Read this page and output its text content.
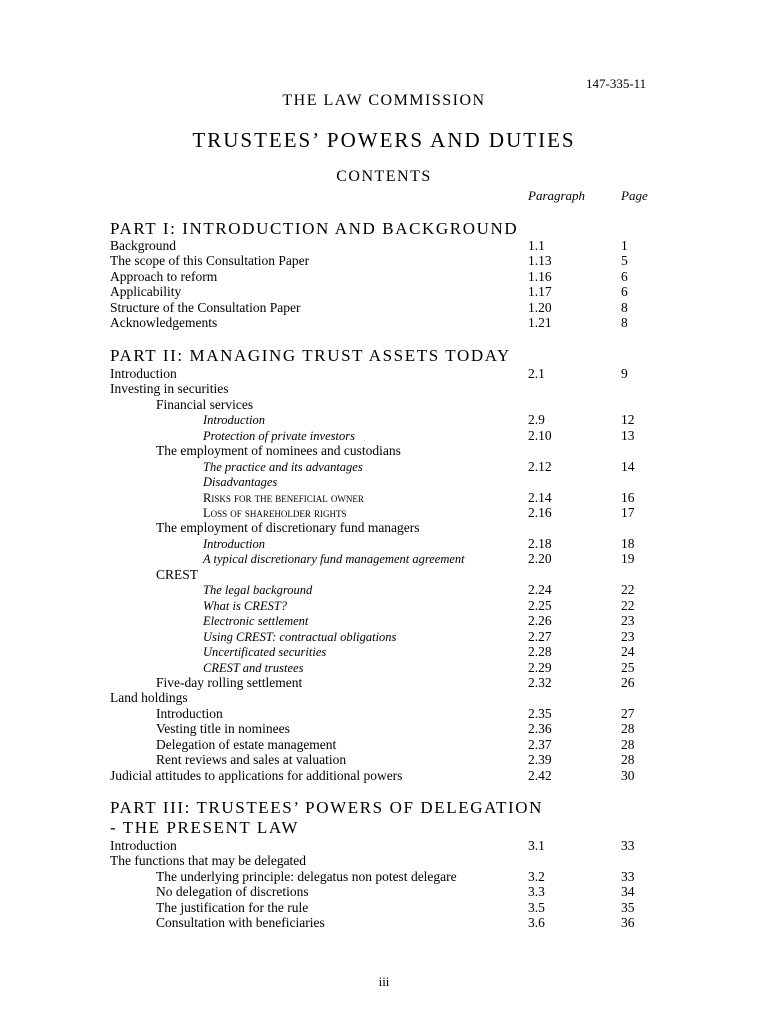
147-335-11
THE LAW COMMISSION
TRUSTEES’ POWERS AND DUTIES
CONTENTS
Paragraph	Page
PART I: INTRODUCTION AND BACKGROUND
Background	1.1	1
The scope of this Consultation Paper	1.13	5
Approach to reform	1.16	6
Applicability	1.17	6
Structure of the Consultation Paper	1.20	8
Acknowledgements	1.21	8
PART II: MANAGING TRUST ASSETS TODAY
Introduction	2.1	9
Investing in securities
Financial services
Introduction	2.9	12
Protection of private investors	2.10	13
The employment of nominees and custodians
The practice and its advantages	2.12	14
Disadvantages
Risks for the beneficial owner	2.14	16
Loss of shareholder rights	2.16	17
The employment of discretionary fund managers
Introduction	2.18	18
A typical discretionary fund management agreement	2.20	19
CREST
The legal background	2.24	22
What is CREST?	2.25	22
Electronic settlement	2.26	23
Using CREST: contractual obligations	2.27	23
Uncertificated securities	2.28	24
CREST and trustees	2.29	25
Five-day rolling settlement	2.32	26
Land holdings
Introduction	2.35	27
Vesting title in nominees	2.36	28
Delegation of estate management	2.37	28
Rent reviews and sales at valuation	2.39	28
Judicial attitudes to applications for additional powers	2.42	30
PART III: TRUSTEES’ POWERS OF DELEGATION
- THE PRESENT LAW
Introduction	3.1	33
The functions that may be delegated
The underlying principle: delegatus non potest delegare	3.2	33
No delegation of discretions	3.3	34
The justification for the rule	3.5	35
Consultation with beneficiaries	3.6	36
iii
